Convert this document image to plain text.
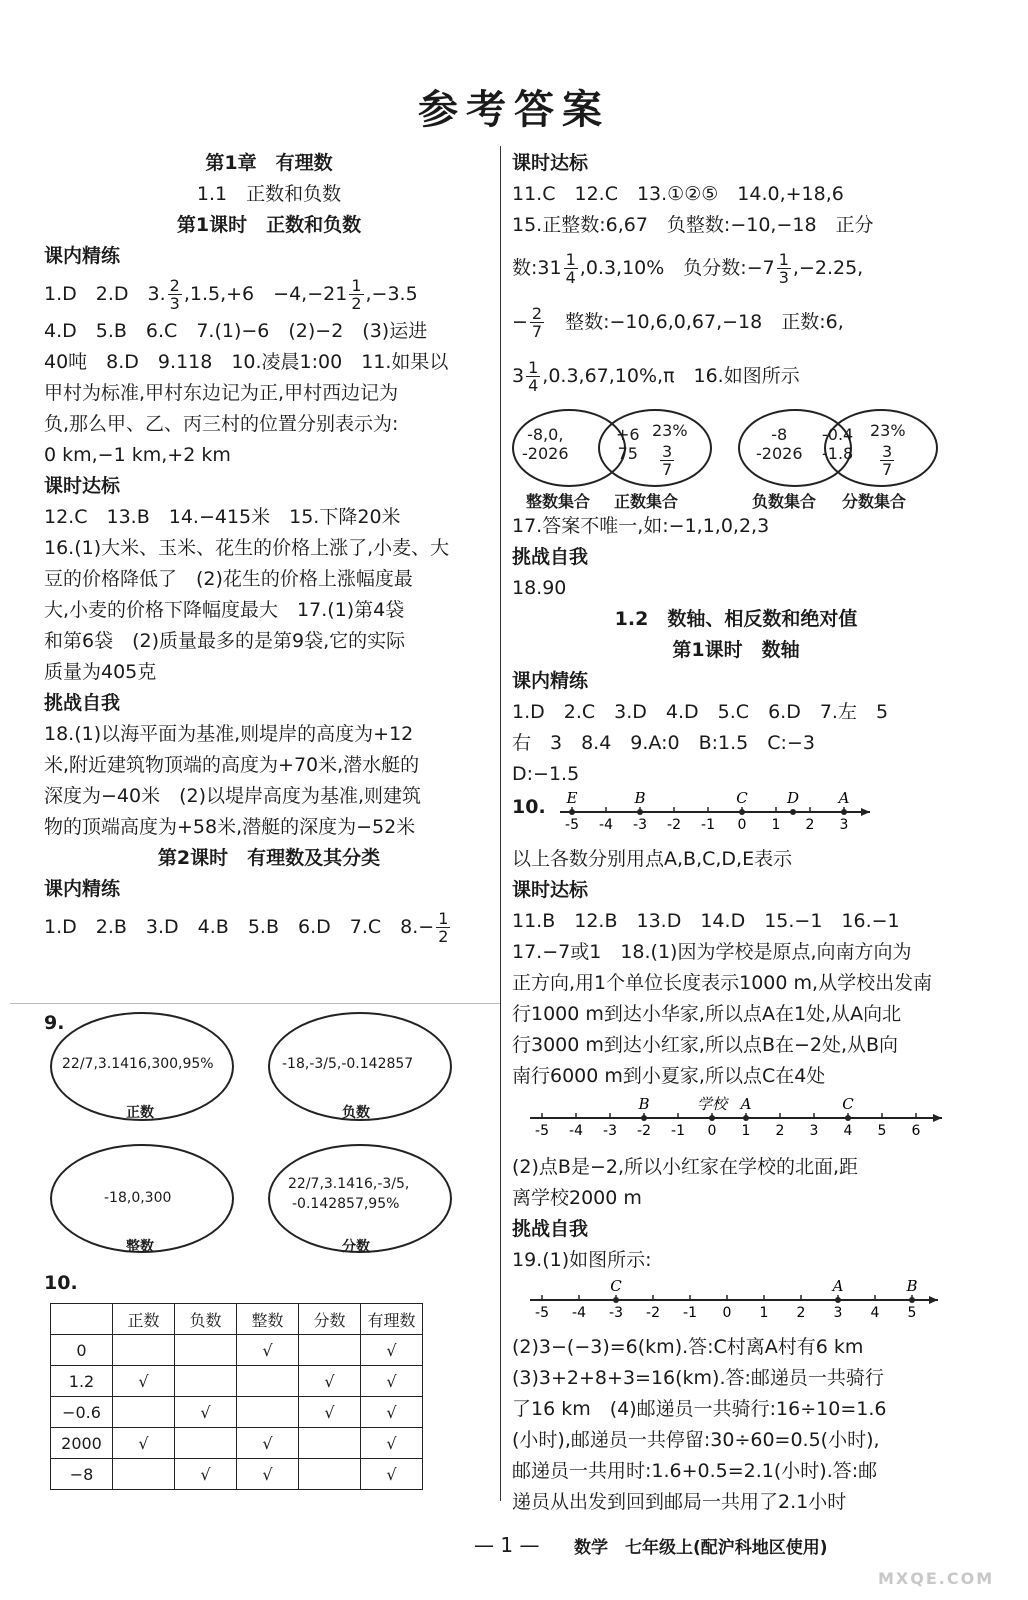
参考答案
第1章　有理数
1.1　正数和负数
第1课时　正数和负数
课内精练
1.D　2.D　3. $\frac{2}{3} ,1.5,+6$　$-4,-21 \frac{1}{2} ,-3.5$
4.D　5.B　6.C　7.(1)−6　(2)−2　(3)运进
40吨　8.D　9.118　10.凌晨1:00　11.如果以
甲村为标准,甲村东边记为正,甲村西边记为
负,那么甲、乙、丙三村的位置分别表示为:
0 km,−1 km,+2 km
课时达标
12.C　13.B　14.−415米　15.下降20米
16.(1)大米、玉米、花生的价格上涨了,小麦、大
豆的价格降低了　(2)花生的价格上涨幅度最
大,小麦的价格下降幅度最大　17.(1)第4袋
和第6袋　(2)质量最多的是第9袋,它的实际
质量为405克
挑战自我
18.(1)以海平面为基准,则堤岸的高度为+12
米,附近建筑物顶端的高度为+70米,潜水艇的
深度为−40米　(2)以堤岸高度为基准,则建筑
物的顶端高度为+58米,潜艇的深度为−52米
第2课时　有理数及其分类
课内精练
1.D　2.B　3.D　4.B　5.B　6.D　7.C　$8.- \frac{1}{2}$
9.
22/7,3.1416,300,95%
正数
-18,-3/5,-0.142857
负数
-18,0,300
整数
22/7,3.1416,-3/5,
-0.142857,95%
分数
10.
	正数	负数	整数	分数	有理数
0			√		√
1.2	√			√	√
−0.6		√		√	√
2000	√		√		√
−8		√	√		√
课时达标
11.C　12.C　13.①②⑤　14.0,+18,6
15.正整数:6,67　负整数:−10,−18　正分
数:31 $\frac{1}{4} ,0.3,10\%$　负分数:−7 $\frac{1}{3} ,-2.25$,
− $\frac{2}{7}$ 　整数:−10,6,0,67,−18　正数:6,
$3 \frac{1}{4} ,0.3,67,10\%,\pi$　16.如图所示
-8,0,
-2026
+6
75
23%
$\frac{3}{7}$
整数集合 正数集合
-8
-2026
-0.4
-1.8
23%
$\frac{3}{7}$
负数集合 分数集合
17.答案不唯一,如:−1,1,0,2,3
挑战自我
18.90
1.2　数轴、相反数和绝对值
第1课时　数轴
课内精练
1.D　2.C　3.D　4.D　5.C　6.D　7.左　5
右　3　8.4　9.A:0　B:1.5　C:−3
D:−1.5
10.
-5 -4 -3 -2 -1 0 1 2 3
E	B	C	D	A
以上各数分别用点A,B,C,D,E表示
课时达标
11.B　12.B　13.D　14.D　15.−1　16.−1
17.−7或1　18.(1)因为学校是原点,向南方向为
正方向,用1个单位长度表示1000 m,从学校出发南
行1000 m到达小华家,所以点A在1处,从A向北
行3000 m到达小红家,所以点B在−2处,从B向
南行6000 m到小夏家,所以点C在4处
-5 -4 -3 -2 -1 0 1 2 3 4 5 6
B	学校 A	C
(2)点B是−2,所以小红家在学校的北面,距
离学校2000 m
挑战自我
19.(1)如图所示:
-5 -4 -3 -2 -1 0 1 2 3 4 5
C	A	B
(2)3−(−3)=6(km).答:C村离A村有6 km
(3)3+2+8+3=16(km).答:邮递员一共骑行
了16 km　(4)邮递员一共骑行:16÷10=1.6
(小时),邮递员一共停留:30÷60=0.5(小时),
邮递员一共用时:1.6+0.5=2.1(小时).答:邮
递员从出发到回到邮局一共用了2.1小时
— 1 — 数学　七年级上(配沪科地区使用)
MXQE.COM
